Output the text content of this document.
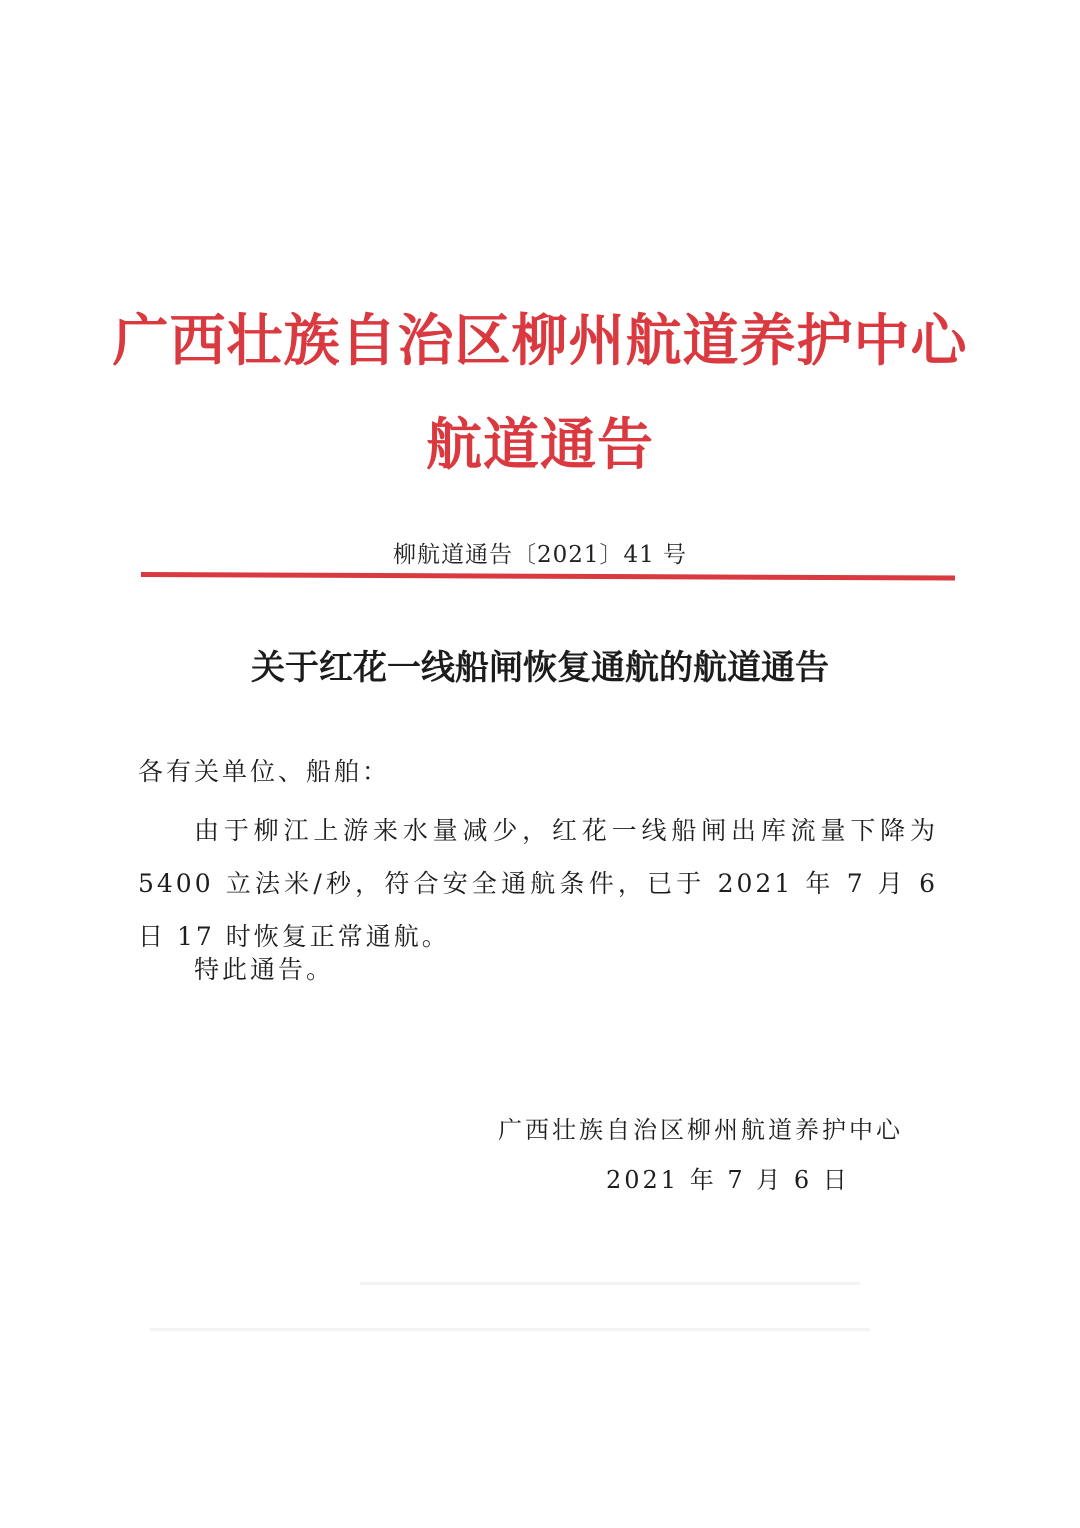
广西壮族自治区柳州航道养护中心
航道通告
柳航道通告〔2021〕41 号
关于红花一线船闸恢复通航的航道通告
各有关单位、船舶：
由于柳江上游来水量减少，红花一线船闸出库流量下降为 5400 立法米/秒，符合安全通航条件，已于 2021 年 7 月 6 日 17 时恢复正常通航。
特此通告。
广西壮族自治区柳州航道养护中心
2021 年 7 月 6 日
